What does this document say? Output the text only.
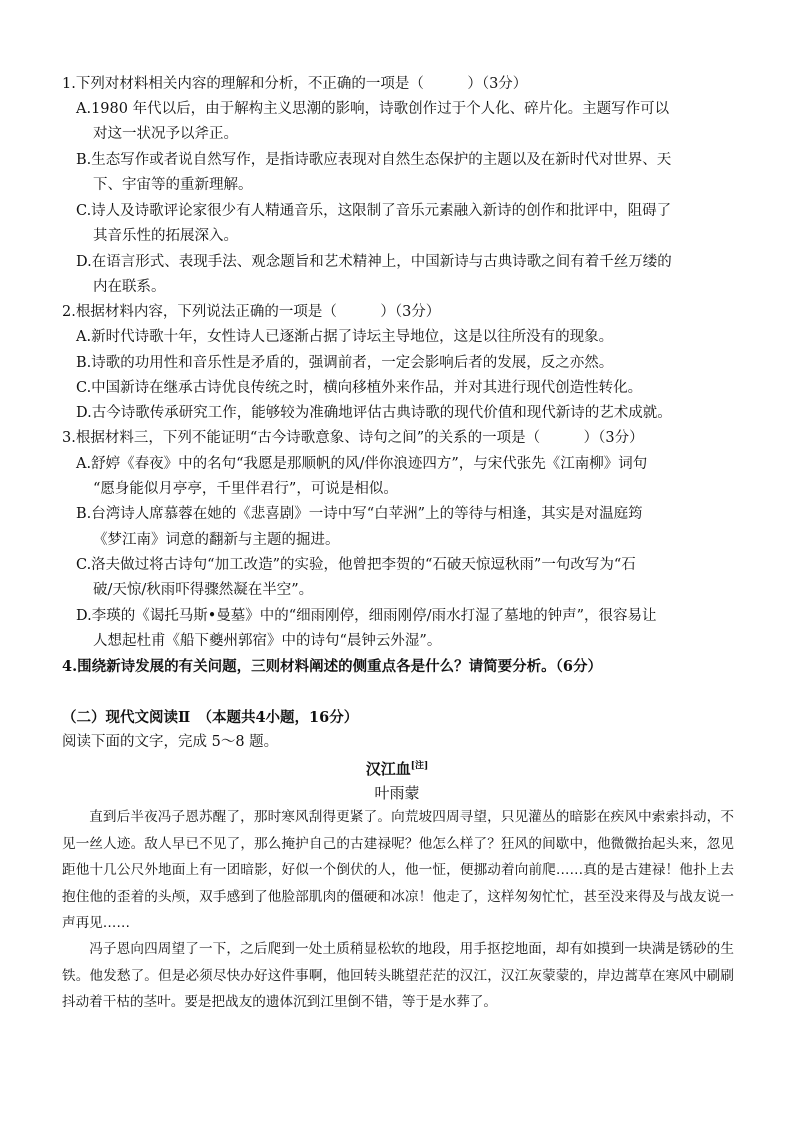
1.下列对材料相关内容的理解和分析，不正确的一项是（　　　）（3分）
A.1980 年代以后，由于解构主义思潮的影响，诗歌创作过于个人化、碎片化。主题写作可以
对这一状况予以斧正。
B.生态写作或者说自然写作，是指诗歌应表现对自然生态保护的主题以及在新时代对世界、天
下、宇宙等的重新理解。
C.诗人及诗歌评论家很少有人精通音乐，这限制了音乐元素融入新诗的创作和批评中，阻碍了
其音乐性的拓展深入。
D.在语言形式、表现手法、观念题旨和艺术精神上，中国新诗与古典诗歌之间有着千丝万缕的
内在联系。
2.根据材料内容，下列说法正确的一项是（　　　）（3分）
A.新时代诗歌十年，女性诗人已逐渐占据了诗坛主导地位，这是以往所没有的现象。
B.诗歌的功用性和音乐性是矛盾的，强调前者，一定会影响后者的发展，反之亦然。
C.中国新诗在继承古诗优良传统之时，横向移植外来作品，并对其进行现代创造性转化。
D.古今诗歌传承研究工作，能够较为准确地评估古典诗歌的现代价值和现代新诗的艺术成就。
3.根据材料三，下列不能证明“古今诗歌意象、诗句之间”的关系的一项是（　　　）（3分）
A.舒婷《春夜》中的名句“我愿是那顺帆的风/伴你浪迹四方”，与宋代张先《江南柳》词句
“愿身能似月亭亭，千里伴君行”，可说是相似。
B.台湾诗人席慕蓉在她的《悲喜剧》一诗中写“白苹洲”上的等待与相逢，其实是对温庭筠
《梦江南》词意的翻新与主题的掘进。
C.洛夫做过将古诗句“加工改造”的实验，他曾把李贺的“石破天惊逗秋雨”一句改写为“石
破/天惊/秋雨吓得骤然凝在半空”。
D.李瑛的《谒托马斯•曼墓》中的“细雨刚停，细雨刚停/雨水打湿了墓地的钟声”，很容易让
人想起杜甫《船下夔州郭宿》中的诗句“晨钟云外湿”。
4.围绕新诗发展的有关问题，三则材料阐述的侧重点各是什么？请简要分析。（6分）
（二）现代文阅读Ⅱ　（本题共4小题，16分）
阅读下面的文字，完成 5～8 题。
汉江血[注]
叶雨蒙
直到后半夜冯子恩苏醒了，那时寒风刮得更紧了。向荒坡四周寻望，只见灌丛的暗影在疾风中索索抖动，不见一丝人迹。敌人早已不见了，那么掩护自己的古建禄呢？他怎么样了？狂风的间歇中，他微微抬起头来，忽见距他十几公尺外地面上有一团暗影，好似一个倒伏的人，他一怔，便挪动着向前爬……真的是古建禄！他扑上去抱住他的歪着的头颅，双手感到了他脸部肌肉的僵硬和冰凉！他走了，这样匆匆忙忙，甚至没来得及与战友说一声再见……
冯子恩向四周望了一下，之后爬到一处土质稍显松软的地段，用手抠挖地面，却有如摸到一块满是锈砂的生铁。他发愁了。但是必须尽快办好这件事啊，他回转头眺望茫茫的汉江，汉江灰蒙蒙的，岸边蒿草在寒风中刷刷抖动着干枯的茎叶。要是把战友的遗体沉到江里倒不错，等于是水葬了。
